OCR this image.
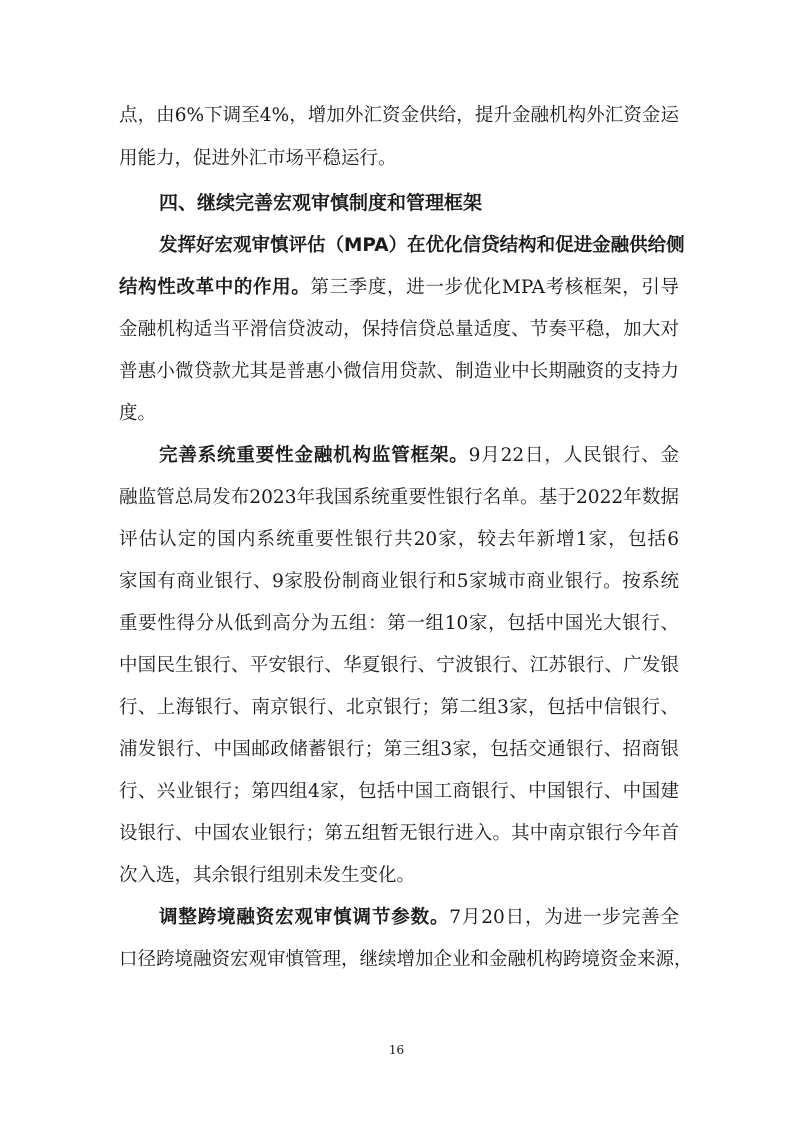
点，由6%下调至4%，增加外汇资金供给，提升金融机构外汇资金运
用能力，促进外汇市场平稳运行。
四、继续完善宏观审慎制度和管理框架
发挥好宏观审慎评估（MPA）在优化信贷结构和促进金融供给侧
结构性改革中的作用。第三季度，进一步优化MPA考核框架，引导
金融机构适当平滑信贷波动，保持信贷总量适度、节奏平稳，加大对
普惠小微贷款尤其是普惠小微信用贷款、制造业中长期融资的支持力
度。
完善系统重要性金融机构监管框架。9月22日，人民银行、金
融监管总局发布2023年我国系统重要性银行名单。基于2022年数据
评估认定的国内系统重要性银行共20家，较去年新增1家，包括6
家国有商业银行、9家股份制商业银行和5家城市商业银行。按系统
重要性得分从低到高分为五组：第一组10家，包括中国光大银行、
中国民生银行、平安银行、华夏银行、宁波银行、江苏银行、广发银
行、上海银行、南京银行、北京银行；第二组3家，包括中信银行、
浦发银行、中国邮政储蓄银行；第三组3家，包括交通银行、招商银
行、兴业银行；第四组4家，包括中国工商银行、中国银行、中国建
设银行、中国农业银行；第五组暂无银行进入。其中南京银行今年首
次入选，其余银行组别未发生变化。
调整跨境融资宏观审慎调节参数。7月20日，为进一步完善全
口径跨境融资宏观审慎管理，继续增加企业和金融机构跨境资金来源，
16
